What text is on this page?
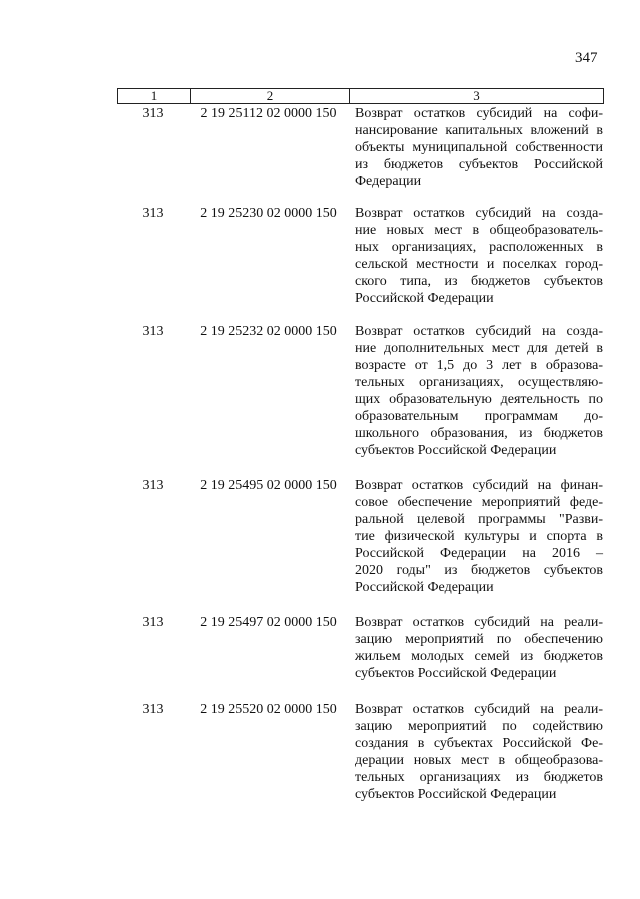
347
1	2	3
313	2 19 25112 02 0000 150	Возврат остатков субсидий на софи-
нансирование капитальных вложений в
объекты муниципальной собственности
из бюджетов субъектов Российской
Федерации
313	2 19 25230 02 0000 150	Возврат остатков субсидий на созда-
ние новых мест в общеобразователь-
ных организациях, расположенных в
сельской местности и поселках город-
ского типа, из бюджетов субъектов
Российской Федерации
313	2 19 25232 02 0000 150	Возврат остатков субсидий на созда-
ние дополнительных мест для детей в
возрасте от 1,5 до 3 лет в образова-
тельных организациях, осуществляю-
щих образовательную деятельность по
образовательным программам до-
школьного образования, из бюджетов
субъектов Российской Федерации
313	2 19 25495 02 0000 150	Возврат остатков субсидий на финан-
совое обеспечение мероприятий феде-
ральной целевой программы "Разви-
тие физической культуры и спорта в
Российской Федерации на 2016 –
2020 годы" из бюджетов субъектов
Российской Федерации
313	2 19 25497 02 0000 150	Возврат остатков субсидий на реали-
зацию мероприятий по обеспечению
жильем молодых семей из бюджетов
субъектов Российской Федерации
313	2 19 25520 02 0000 150	Возврат остатков субсидий на реали-
зацию мероприятий по содействию
создания в субъектах Российской Фе-
дерации новых мест в общеобразова-
тельных организациях из бюджетов
субъектов Российской Федерации
